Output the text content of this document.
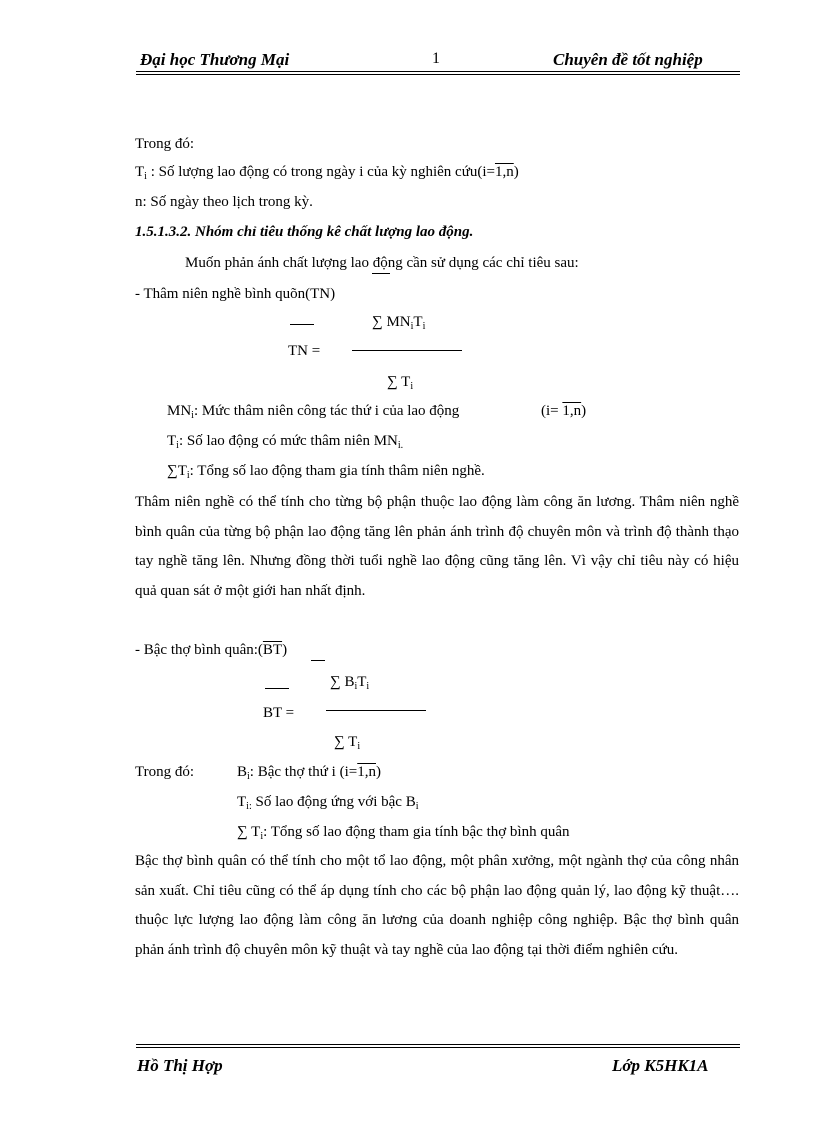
Đại học Thương Mại	1	Chuyên đề tốt nghiệp
Trong đó:
$T_i$ : Số lượng lao động có trong ngày i của kỳ nghiên cứu(i=1,n)
n: Số ngày theo lịch trong kỳ.
1.5.1.3.2. Nhóm chỉ tiêu thống kê chất lượng lao động.
Muốn phản ánh chất lượng lao động cần sử dụng các chỉ tiêu sau:
- Thâm niên nghề bình quõn(TN)
∑ $MN_iT_i$
TN =
∑ $T_i$
$MN_i$: Mức thâm niên công tác thứ i của lao động	(i= 1,n)
$T_i$: Số lao động có mức thâm niên $MN_{i.}$
$\sum T_i$: Tổng số lao động tham gia tính thâm niên nghề.
Thâm niên nghề có thể tính cho từng bộ phận thuộc lao động làm công ăn lương. Thâm niên nghề bình quân của từng bộ phận lao động tăng lên phản ánh trình độ chuyên môn và trình độ thành thạo tay nghề tăng lên. Nhưng đồng thời tuổi nghề lao động cũng tăng lên. Vì vậy chỉ tiêu này có hiệu quả quan sát ở một giới han nhất định.
- Bậc thợ bình $quân:(\overline{BT})$
∑ $B_iT_i$
BT =
∑ $T_i$
Trong đó:	$B_i$: Bậc thợ thứ i (i=1,n)
$T_{i:}$ Số lao động ứng với bậc $B_i$
∑ $T_i$: Tổng số lao động tham gia tính bậc thợ bình quân
Bậc thợ bình quân có thể tính cho một tổ lao động, một phân xưởng, một ngành thợ của công nhân sản xuất. Chỉ tiêu cũng có thể áp dụng tính cho các bộ phận lao động quản lý, lao động kỹ thuật…. thuộc lực lượng lao động làm công ăn lương của doanh nghiệp công nghiệp. Bậc thợ bình quân phản ánh trình độ chuyên môn kỹ thuật và tay nghề của lao động tại thời điểm nghiên cứu.
Hồ Thị Hợp	Lớp K5HK1A
